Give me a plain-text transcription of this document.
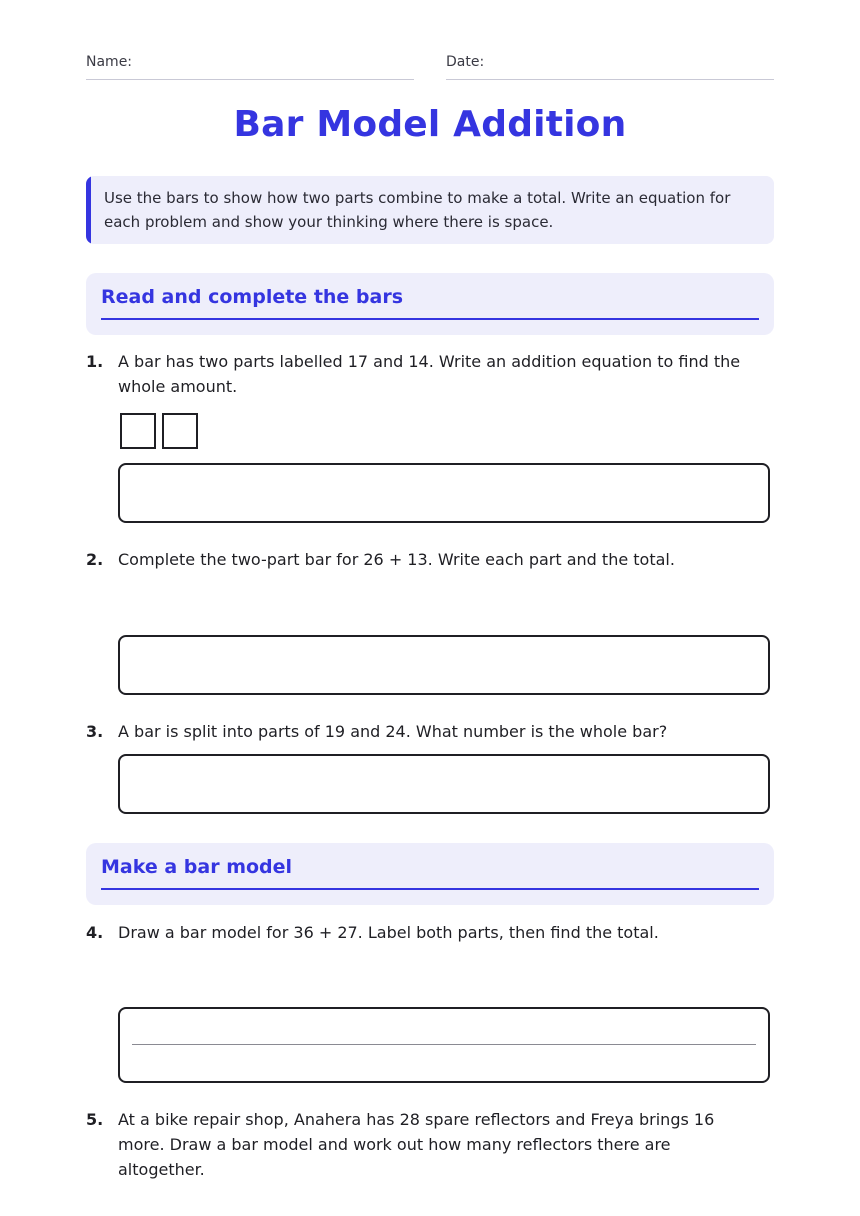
Name:	Date:
Bar Model Addition
Use the bars to show how two parts combine to make a total. Write an equation for each problem and show your thinking where there is space.
Read and complete the bars
1. A bar has two parts labelled 17 and 14. Write an addition equation to find the whole amount.
2. Complete the two-part bar for 26 + 13. Write each part and the total.
3. A bar is split into parts of 19 and 24. What number is the whole bar?
Make a bar model
4. Draw a bar model for 36 + 27. Label both parts, then find the total.
5. At a bike repair shop, Anahera has 28 spare reflectors and Freya brings 16 more. Draw a bar model and work out how many reflectors there are altogether.
